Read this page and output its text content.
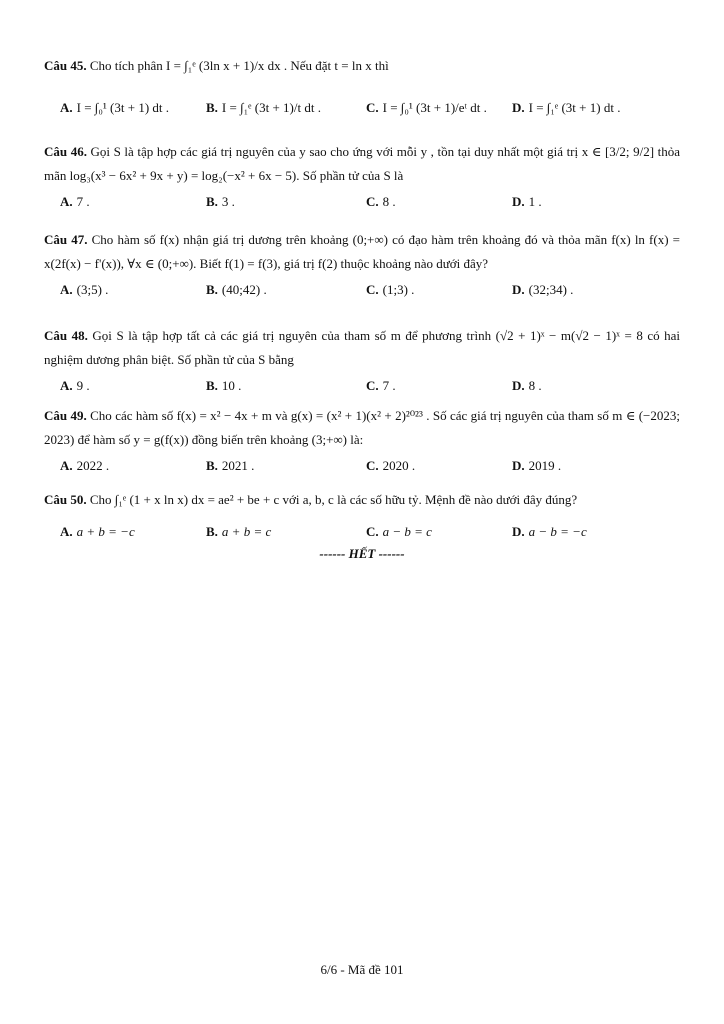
Câu 45. Cho tích phân I = ∫₁ᵉ (3ln x + 1)/x dx . Nếu đặt t = ln x thì
A. I = ∫₀¹ (3t + 1) dt .	B. I = ∫₁ᵉ (3t + 1)/t dt .	C. I = ∫₀¹ (3t + 1)/eᵗ dt .	D. I = ∫₁ᵉ (3t + 1) dt .
Câu 46. Gọi S là tập hợp các giá trị nguyên của y sao cho ứng với mỗi y , tồn tại duy nhất một giá trị x ∈ [3/2; 9/2] thỏa mãn log₃(x³ − 6x² + 9x + y) = log₂(−x² + 6x − 5). Số phần tử của S là
A. 7 .	B. 3 .	C. 8 .	D. 1 .
Câu 47. Cho hàm số f(x) nhận giá trị dương trên khoảng (0;+∞) có đạo hàm trên khoảng đó và thỏa mãn f(x) ln f(x) = x(2f(x) − f'(x)), ∀x ∈ (0;+∞). Biết f(1) = f(3), giá trị f(2) thuộc khoảng nào dưới đây?
A. (3;5) .	B. (40;42) .	C. (1;3) .	D. (32;34) .
Câu 48. Gọi S là tập hợp tất cả các giá trị nguyên của tham số m để phương trình (√2 + 1)ˣ − m(√2 − 1)ˣ = 8 có hai nghiệm dương phân biệt. Số phần tử của S bằng
A. 9 .	B. 10 .	C. 7 .	D. 8 .
Câu 49. Cho các hàm số f(x) = x² − 4x + m và g(x) = (x² + 1)(x² + 2)²⁰²³ . Số các giá trị nguyên của tham số m ∈ (−2023; 2023) để hàm số y = g(f(x)) đồng biến trên khoảng (3;+∞) là:
A. 2022 .	B. 2021 .	C. 2020 .	D. 2019 .
Câu 50. Cho ∫₁ᵉ (1 + x ln x) dx = ae² + be + c với a, b, c là các số hữu tỷ. Mệnh đề nào dưới đây đúng?
A. a + b = −c	B. a + b = c	C. a − b = c	D. a − b = −c
------ HẾT ------
6/6 - Mã đề 101
